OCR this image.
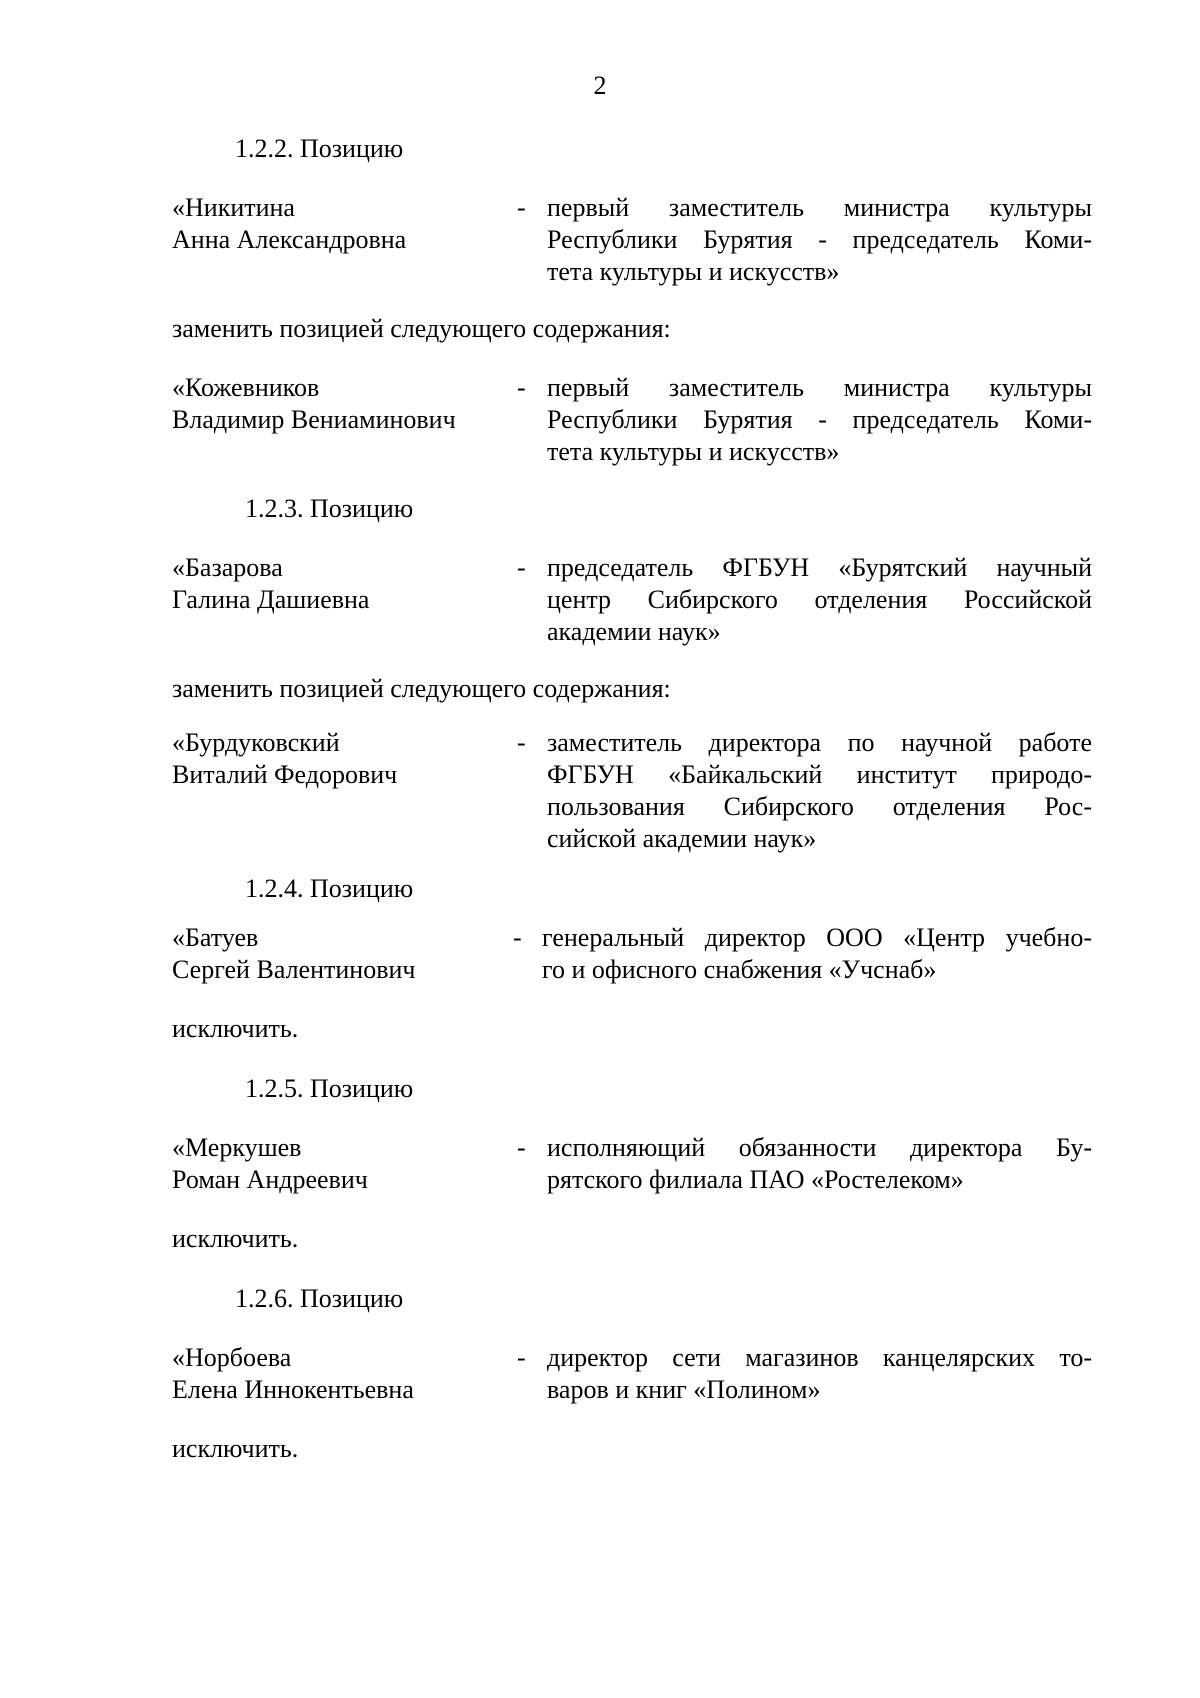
2
1.2.2. Позицию
«Никитина
Анна Александровна
- первый заместитель министра культуры
Республики Бурятия - председатель Коми-
тета культуры и искусств»
заменить позицией следующего содержания:
«Кожевников
Владимир Вениаминович
- первый заместитель министра культуры
Республики Бурятия - председатель Коми-
тета культуры и искусств»
1.2.3. Позицию
«Базарова
Галина Дашиевна
- председатель ФГБУН «Бурятский научный
центр Сибирского отделения Российской
академии наук»
заменить позицией следующего содержания:
«Бурдуковский
Виталий Федорович
- заместитель директора по научной работе
ФГБУН «Байкальский институт природо-
пользования Сибирского отделения Рос-
сийской академии наук»
1.2.4. Позицию
«Батуев
Сергей Валентинович
- генеральный директор ООО «Центр учебно-
го и офисного снабжения «Учснаб»
исключить.
1.2.5. Позицию
«Меркушев
Роман Андреевич
- исполняющий обязанности директора Бу-
рятского филиала ПАО «Ростелеком»
исключить.
1.2.6. Позицию
«Норбоева
Елена Иннокентьевна
- директор сети магазинов канцелярских то-
варов и книг «Полином»
исключить.
